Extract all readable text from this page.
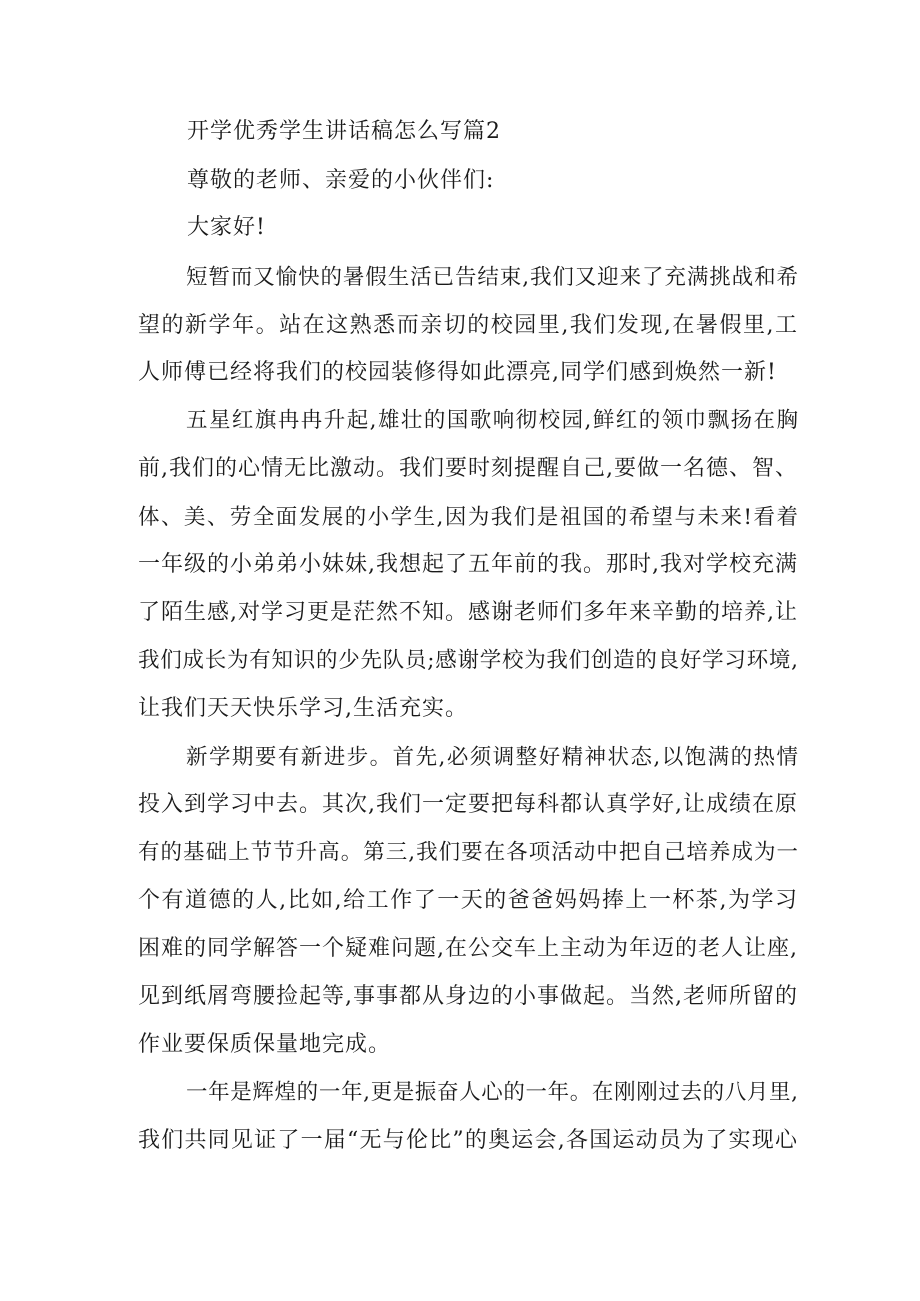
开学优秀学生讲话稿怎么写篇2
尊敬的老师、亲爱的小伙伴们:
大家好!
短暂而又愉快的暑假生活已告结束,我们又迎来了充满挑战和希
望的新学年。站在这熟悉而亲切的校园里,我们发现,在暑假里,工
人师傅已经将我们的校园装修得如此漂亮,同学们感到焕然一新!
五星红旗冉冉升起,雄壮的国歌响彻校园,鲜红的领巾飘扬在胸
前,我们的心情无比激动。我们要时刻提醒自己,要做一名德、智、
体、美、劳全面发展的小学生,因为我们是祖国的希望与未来!看着
一年级的小弟弟小妹妹,我想起了五年前的我。那时,我对学校充满
了陌生感,对学习更是茫然不知。感谢老师们多年来辛勤的培养,让
我们成长为有知识的少先队员;感谢学校为我们创造的良好学习环境,
让我们天天快乐学习,生活充实。
新学期要有新进步。首先,必须调整好精神状态,以饱满的热情
投入到学习中去。其次,我们一定要把每科都认真学好,让成绩在原
有的基础上节节升高。第三,我们要在各项活动中把自己培养成为一
个有道德的人,比如,给工作了一天的爸爸妈妈捧上一杯茶,为学习
困难的同学解答一个疑难问题,在公交车上主动为年迈的老人让座,
见到纸屑弯腰捡起等,事事都从身边的小事做起。当然,老师所留的
作业要保质保量地完成。
一年是辉煌的一年,更是振奋人心的一年。在刚刚过去的八月里,
我们共同见证了一届“无与伦比”的奥运会,各国运动员为了实现心
